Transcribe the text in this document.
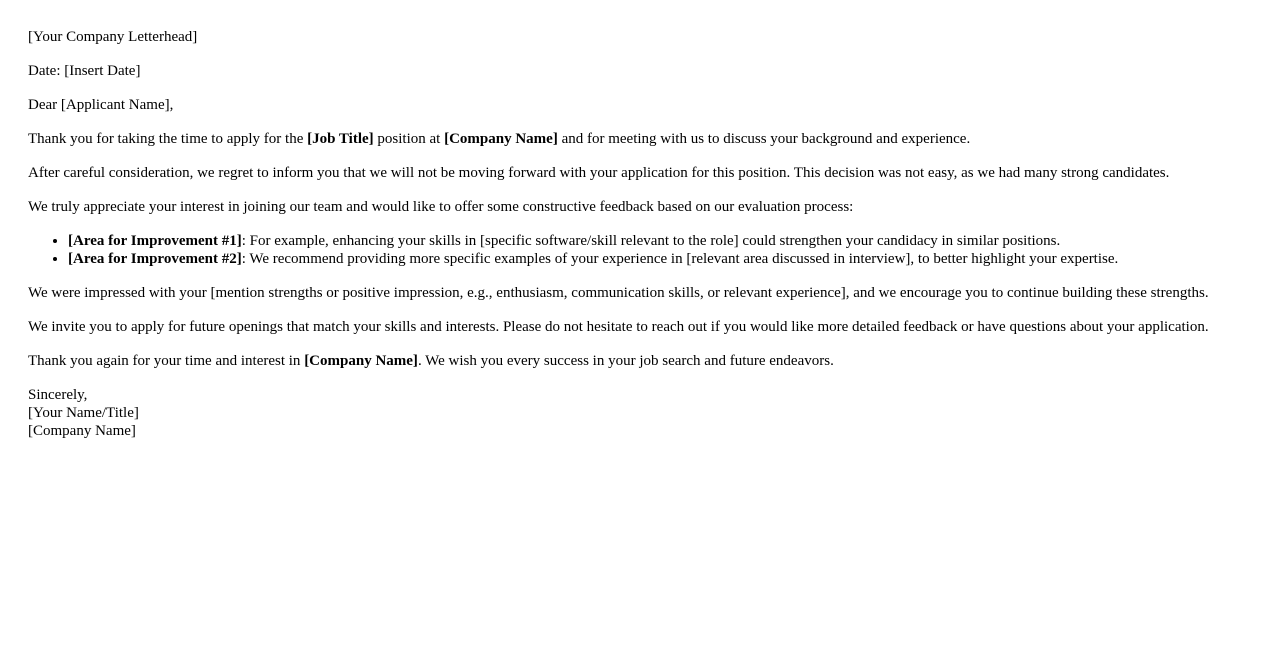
[Your Company Letterhead]

Date: [Insert Date]

Dear [Applicant Name],

Thank you for taking the time to apply for the [Job Title] position at [Company Name] and for meeting with us to discuss your background and experience.

After careful consideration, we regret to inform you that we will not be moving forward with your application for this position. This decision was not easy, as we had many strong candidates.

We truly appreciate your interest in joining our team and would like to offer some constructive feedback based on our evaluation process:

• [Area for Improvement #1]: For example, enhancing your skills in [specific software/skill relevant to the role] could strengthen your candidacy in similar positions.
• [Area for Improvement #2]: We recommend providing more specific examples of your experience in [relevant area discussed in interview], to better highlight your expertise.

We were impressed with your [mention strengths or positive impression, e.g., enthusiasm, communication skills, or relevant experience], and we encourage you to continue building these strengths.

We invite you to apply for future openings that match your skills and interests. Please do not hesitate to reach out if you would like more detailed feedback or have questions about your application.

Thank you again for your time and interest in [Company Name]. We wish you every success in your job search and future endeavors.

Sincerely,
[Your Name/Title]
[Company Name]
